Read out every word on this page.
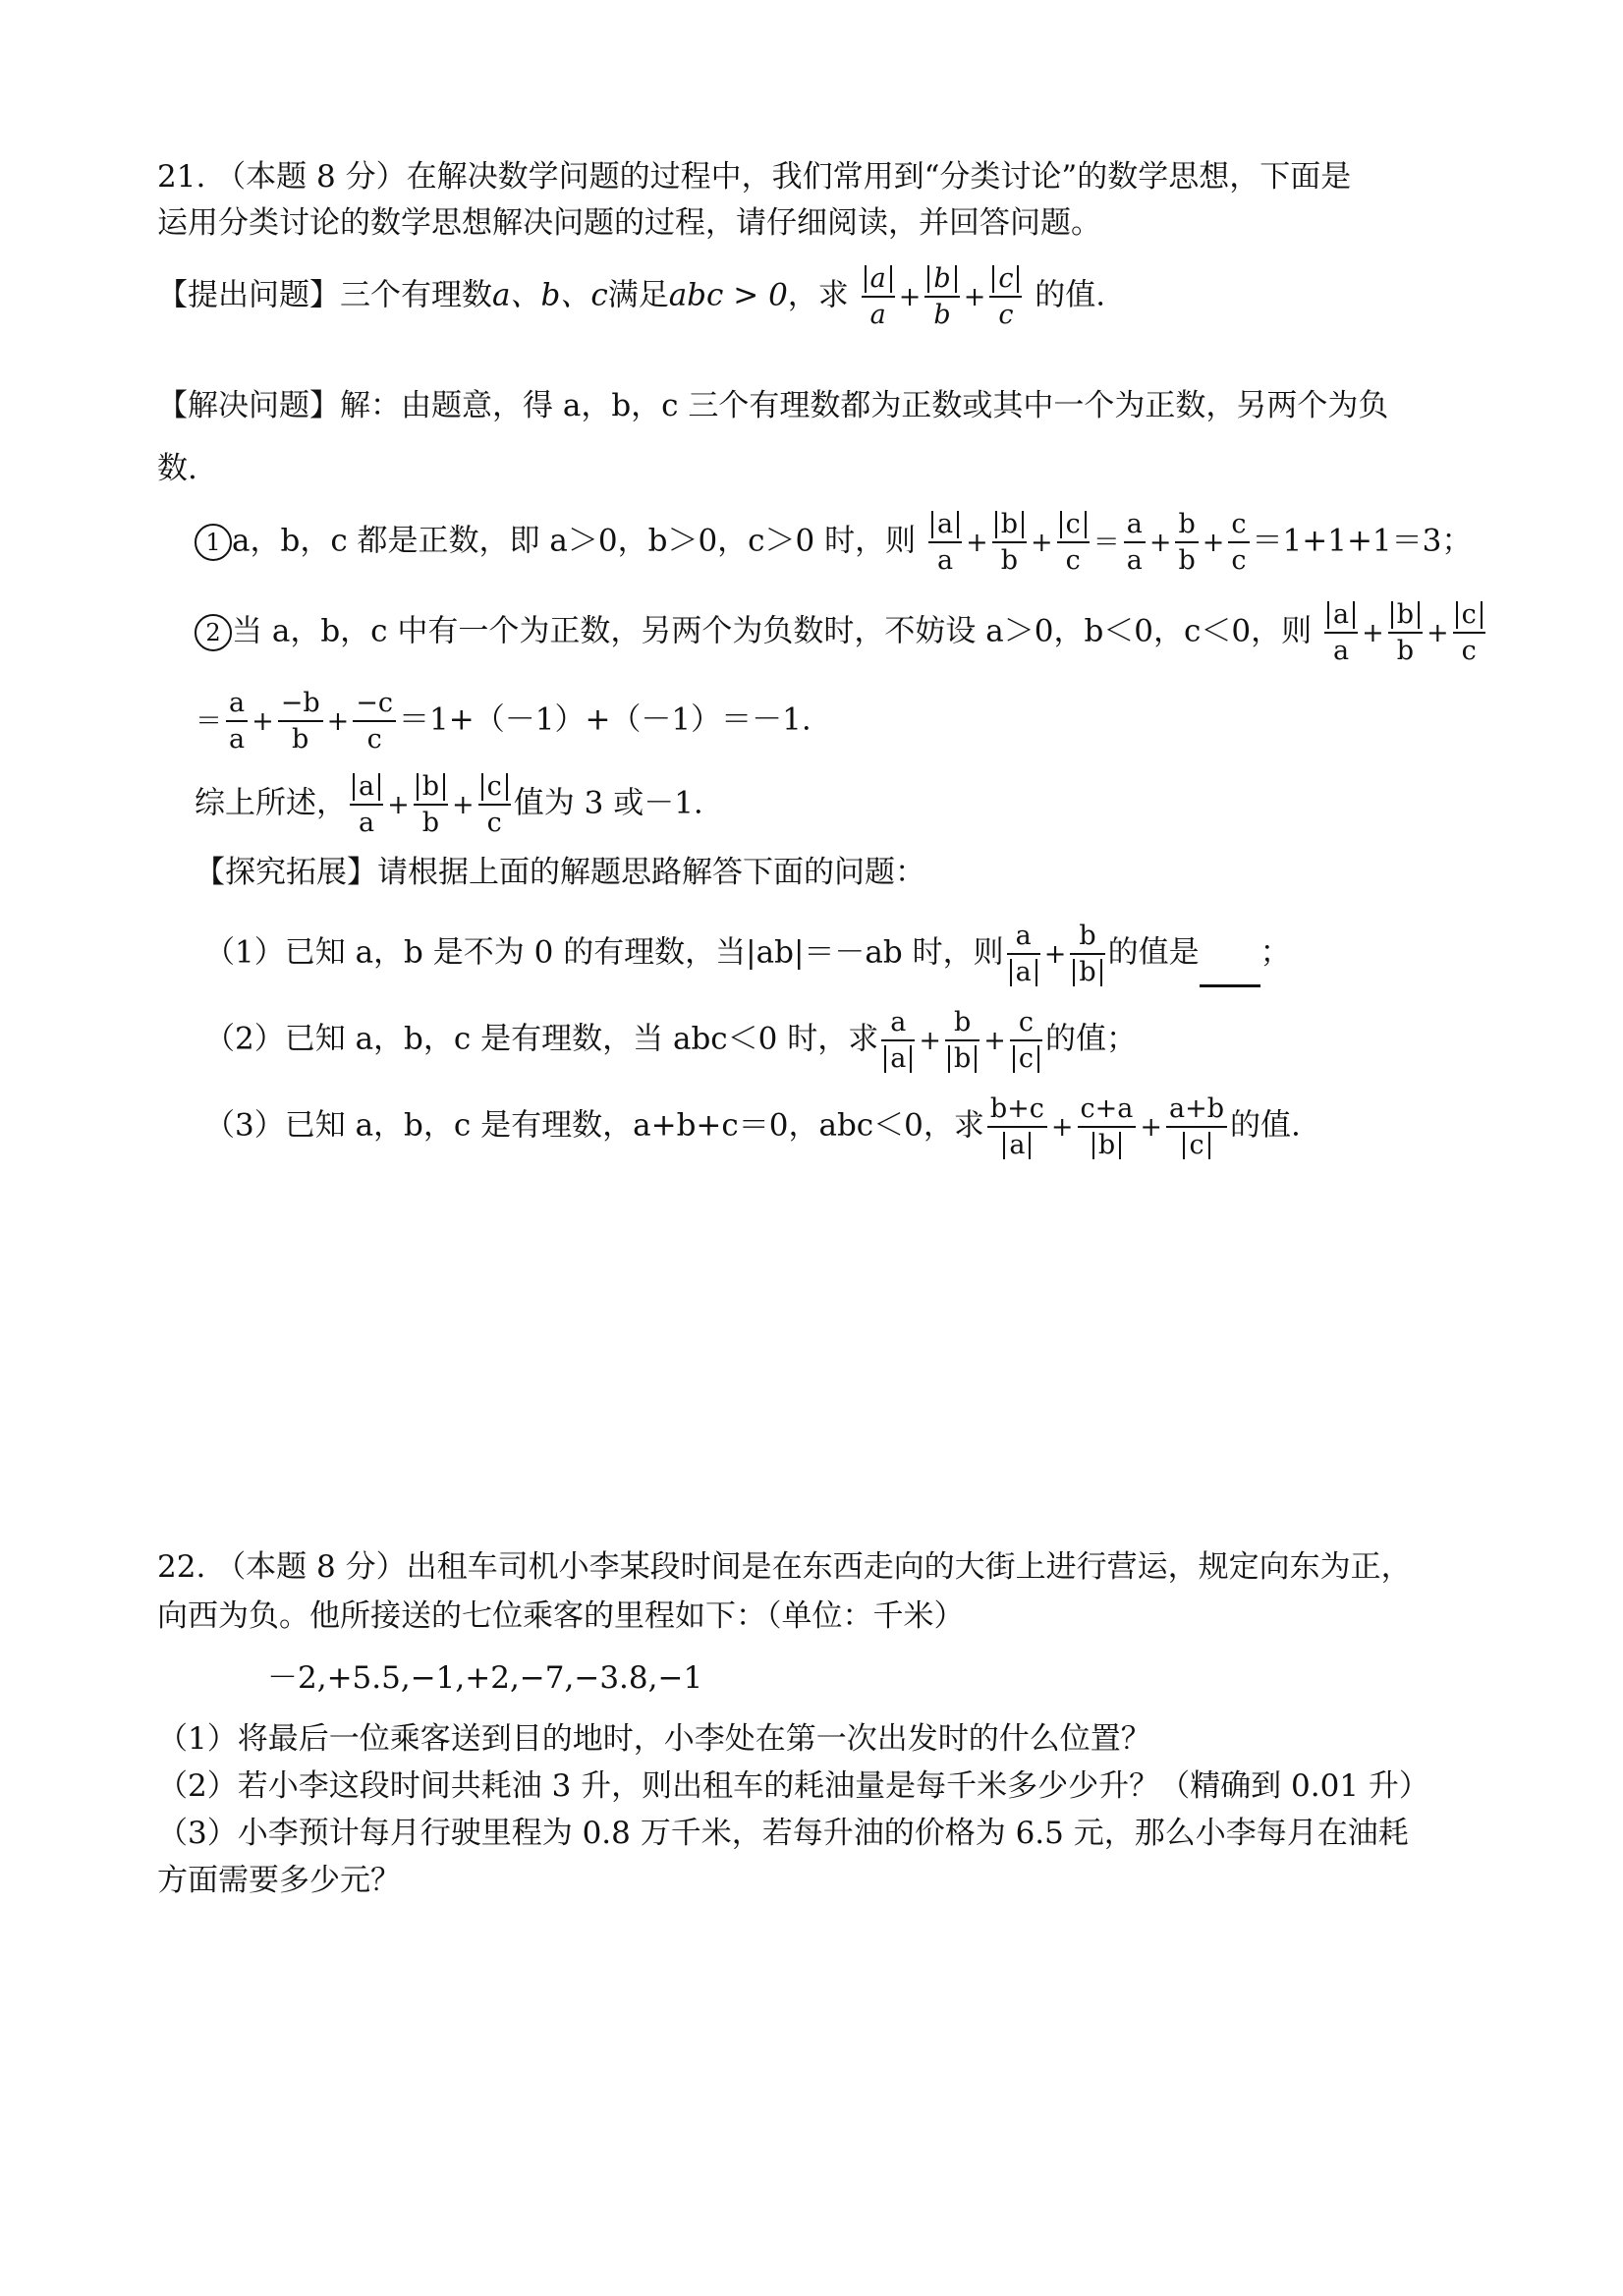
21. （本题 8 分）在解决数学问题的过程中，我们常用到“分类讨论”的数学思想，下面是
运用分类讨论的数学思想解决问题的过程，请仔细阅读，并回答问题。
【提出问题】三个有理数a、b、c满足abc > 0，求 $\frac{a}{a} + \frac{b}{b} + \frac{c}{c}$ 的值.
【解决问题】解：由题意，得 a，b，c 三个有理数都为正数或其中一个为正数，另两个为负
数.
1 a，b，c 都是正数，即 a＞0，b＞0，c＞0 时，则 $\frac{a}{a} + \frac{b}{b} + \frac{c}{c} = \frac{a}{a} + \frac{b}{b} + \frac{c}{c} =1+1+1=3$；
2 当 a，b，c 中有一个为正数，另两个为负数时，不妨设 a＞0，b＜0，c＜0，则 $\frac{a}{a} + \frac{b}{b} + \frac{c}{c}$
＝ $\frac{a}{a} + \frac{-b}{b} + \frac{-c}{c} =1+(-1)+(-1)=-1$.
综上所述， $\frac{a}{a} + \frac{b}{b} + \frac{c}{c}$ 值为 3 或－1.
【探究拓展】请根据上面的解题思路解答下面的问题：
（1）已知 a，b 是不为 0 的有理数，当|ab|＝－ab 时，则 $\frac{a}{a} + \frac{b}{b}$ 的值是 ；
（2）已知 a，b，c 是有理数，当 abc＜0 时，求 $\frac{a}{a} + \frac{b}{b} + \frac{c}{c}$ 的值；
（3）已知 a，b，c 是有理数，a+b+c＝0，abc＜0，求 $\frac{b+c}{a} + \frac{c+a}{b} + \frac{a+b}{c}$ 的值.
22. （本题 8 分）出租车司机小李某段时间是在东西走向的大街上进行营运，规定向东为正，
向西为负。他所接送的七位乘客的里程如下：（单位：千米）
－2,+5.5,−1,+2,−7,−3.8,−1
（1）将最后一位乘客送到目的地时，小李处在第一次出发时的什么位置？
（2）若小李这段时间共耗油 3 升，则出租车的耗油量是每千米多少少升？（精确到 0.01 升）
（3）小李预计每月行驶里程为 0.8 万千米，若每升油的价格为 6.5 元，那么小李每月在油耗
方面需要多少元？
